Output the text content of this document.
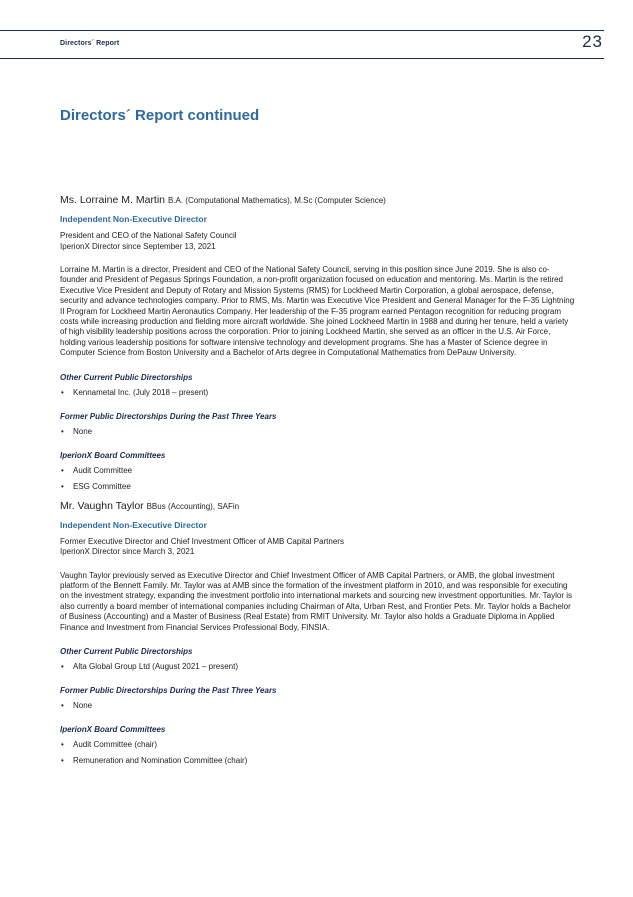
Directors´ Report	23
Directors´ Report continued

Ms. Lorraine M. Martin B.A. (Computational Mathematics), M.Sc (Computer Science)

Independent Non-Executive Director

President and CEO of the National Safety Council
IperionX Director since September 13, 2021

Lorraine M. Martin is a director, President and CEO of the National Safety Council, serving in this position since June 2019. She is also co-founder and President of Pegasus Springs Foundation, a non-profit organization focused on education and mentoring. Ms. Martin is the retired Executive Vice President and Deputy of Rotary and Mission Systems (RMS) for Lockheed Martin Corporation, a global aerospace, defense, security and advance technologies company. Prior to RMS, Ms. Martin was Executive Vice President and General Manager for the F-35 Lightning II Program for Lockheed Martin Aeronautics Company. Her leadership of the F-35 program earned Pentagon recognition for reducing program costs while increasing production and fielding more aircraft worldwide. She joined Lockheed Martin in 1988 and during her tenure, held a variety of high visibility leadership positions across the corporation. Prior to joining Lockheed Martin, she served as an officer in the U.S. Air Force, holding various leadership positions for software intensive technology and development programs. She has a Master of Science degree in Computer Science from Boston University and a Bachelor of Arts degree in Computational Mathematics from DePauw University.

Other Current Public Directorships

• Kennametal Inc. (July 2018 – present)

Former Public Directorships During the Past Three Years

• None

IperionX Board Committees

• Audit Committee
• ESG Committee

Mr. Vaughn Taylor BBus (Accounting), SAFin

Independent Non-Executive Director

Former Executive Director and Chief Investment Officer of AMB Capital Partners
IperionX Director since March 3, 2021

Vaughn Taylor previously served as Executive Director and Chief Investment Officer of AMB Capital Partners, or AMB, the global investment platform of the Bennett Family. Mr. Taylor was at AMB since the formation of the investment platform in 2010, and was responsible for executing on the investment strategy, expanding the investment portfolio into international markets and sourcing new investment opportunities. Mr. Taylor is also currently a board member of international companies including Chairman of Alta, Urban Rest, and Frontier Pets. Mr. Taylor holds a Bachelor of Business (Accounting) and a Master of Business (Real Estate) from RMIT University. Mr. Taylor also holds a Graduate Diploma in Applied Finance and Investment from Financial Services Professional Body, FINSIA.

Other Current Public Directorships

• Alta Global Group Ltd (August 2021 – present)

Former Public Directorships During the Past Three Years

• None

IperionX Board Committees

• Audit Committee (chair)
• Remuneration and Nomination Committee (chair)
